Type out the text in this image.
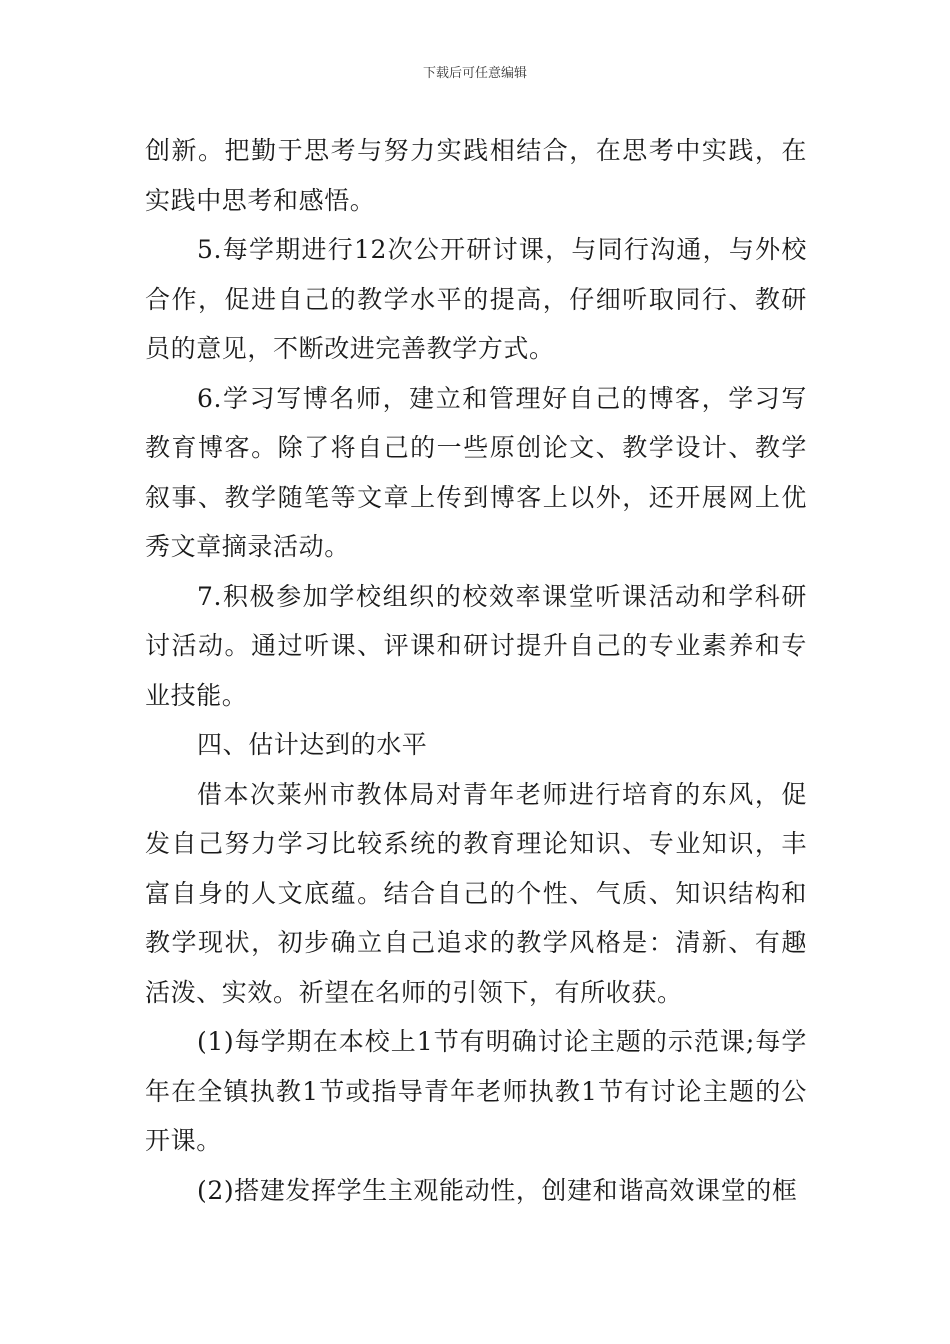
下载后可任意编辑

创新。把勤于思考与努力实践相结合，在思考中实践，在实践中思考和感悟。

5.每学期进行12次公开研讨课，与同行沟通，与外校合作，促进自己的教学水平的提高，仔细听取同行、教研员的意见，不断改进完善教学方式。

6.学习写博名师，建立和管理好自己的博客，学习写教育博客。除了将自己的一些原创论文、教学设计、教学叙事、教学随笔等文章上传到博客上以外，还开展网上优秀文章摘录活动。

7.积极参加学校组织的校效率课堂听课活动和学科研讨活动。通过听课、评课和研讨提升自己的专业素养和专业技能。

四、估计达到的水平

借本次莱州市教体局对青年老师进行培育的东风，促发自己努力学习比较系统的教育理论知识、专业知识，丰富自身的人文底蕴。结合自己的个性、气质、知识结构和教学现状，初步确立自己追求的教学风格是：清新、有趣活泼、实效。祈望在名师的引领下，有所收获。

(1)每学期在本校上1节有明确讨论主题的示范课;每学年在全镇执教1节或指导青年老师执教1节有讨论主题的公开课。

(2)搭建发挥学生主观能动性，创建和谐高效课堂的框
